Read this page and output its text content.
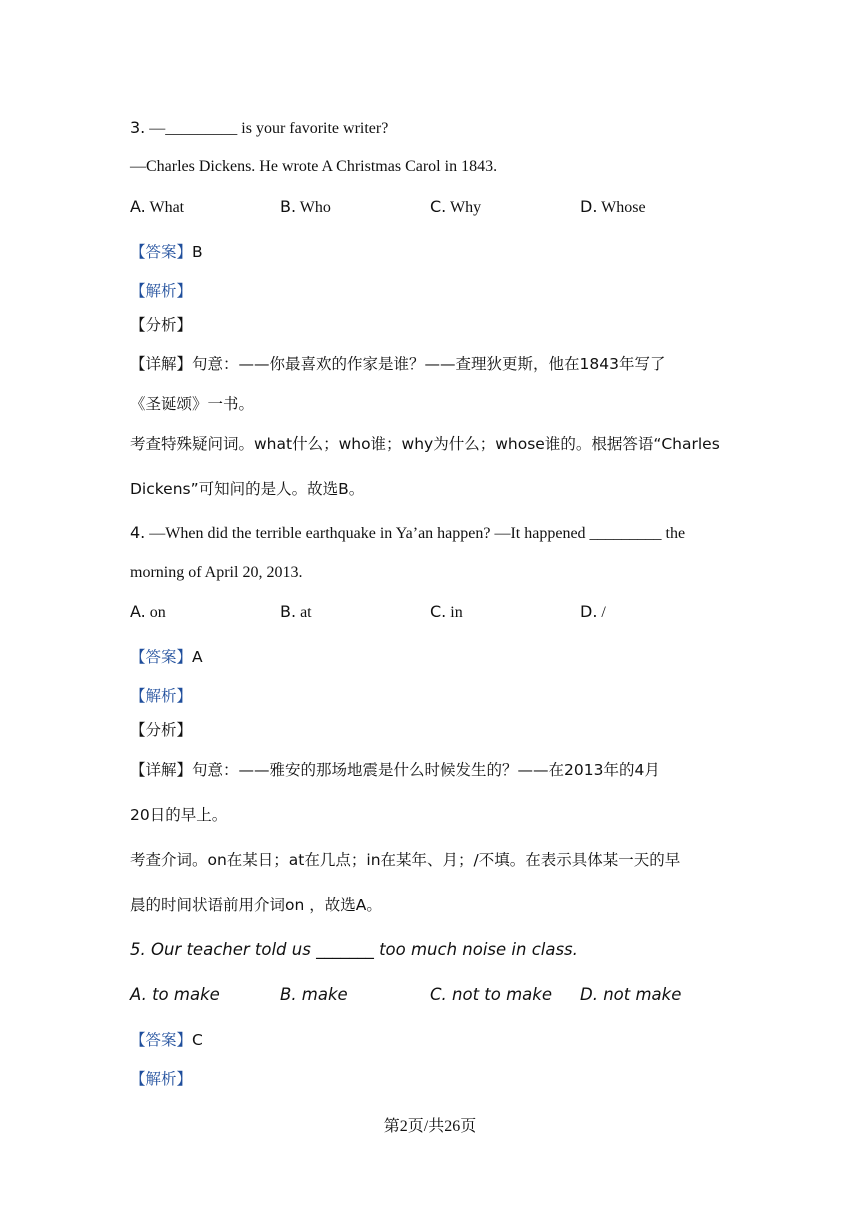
3. —_________ is your favorite writer?
—Charles Dickens. He wrote A Christmas Carol in 1843.
A. What	B. Who	C. Why	D. Whose
【答案】B
【解析】
【分析】
【详解】句意：——你最喜欢的作家是谁？——查理狄更斯，他在1843年写了
《圣诞颂》一书。
考查特殊疑问词。what什么；who谁；why为什么；whose谁的。根据答语“Charles
Dickens”可知问的是人。故选B。
4. —When did the terrible earthquake in Ya’an happen? —It happened _________ the
morning of April 20, 2013.
A. on	B. at	C. in	D. /
【答案】A
【解析】
【分析】
【详解】句意：——雅安的那场地震是什么时候发生的？——在2013年的4月
20日的早上。
考查介词。on在某日；at在几点；in在某年、月；/不填。在表示具体某一天的早
晨的时间状语前用介词on ，故选A。
5. Our teacher told us _______ too much noise in class.
A. to make	B. make	C. not to make D. not make
【答案】C
【解析】
第2页/共26页
